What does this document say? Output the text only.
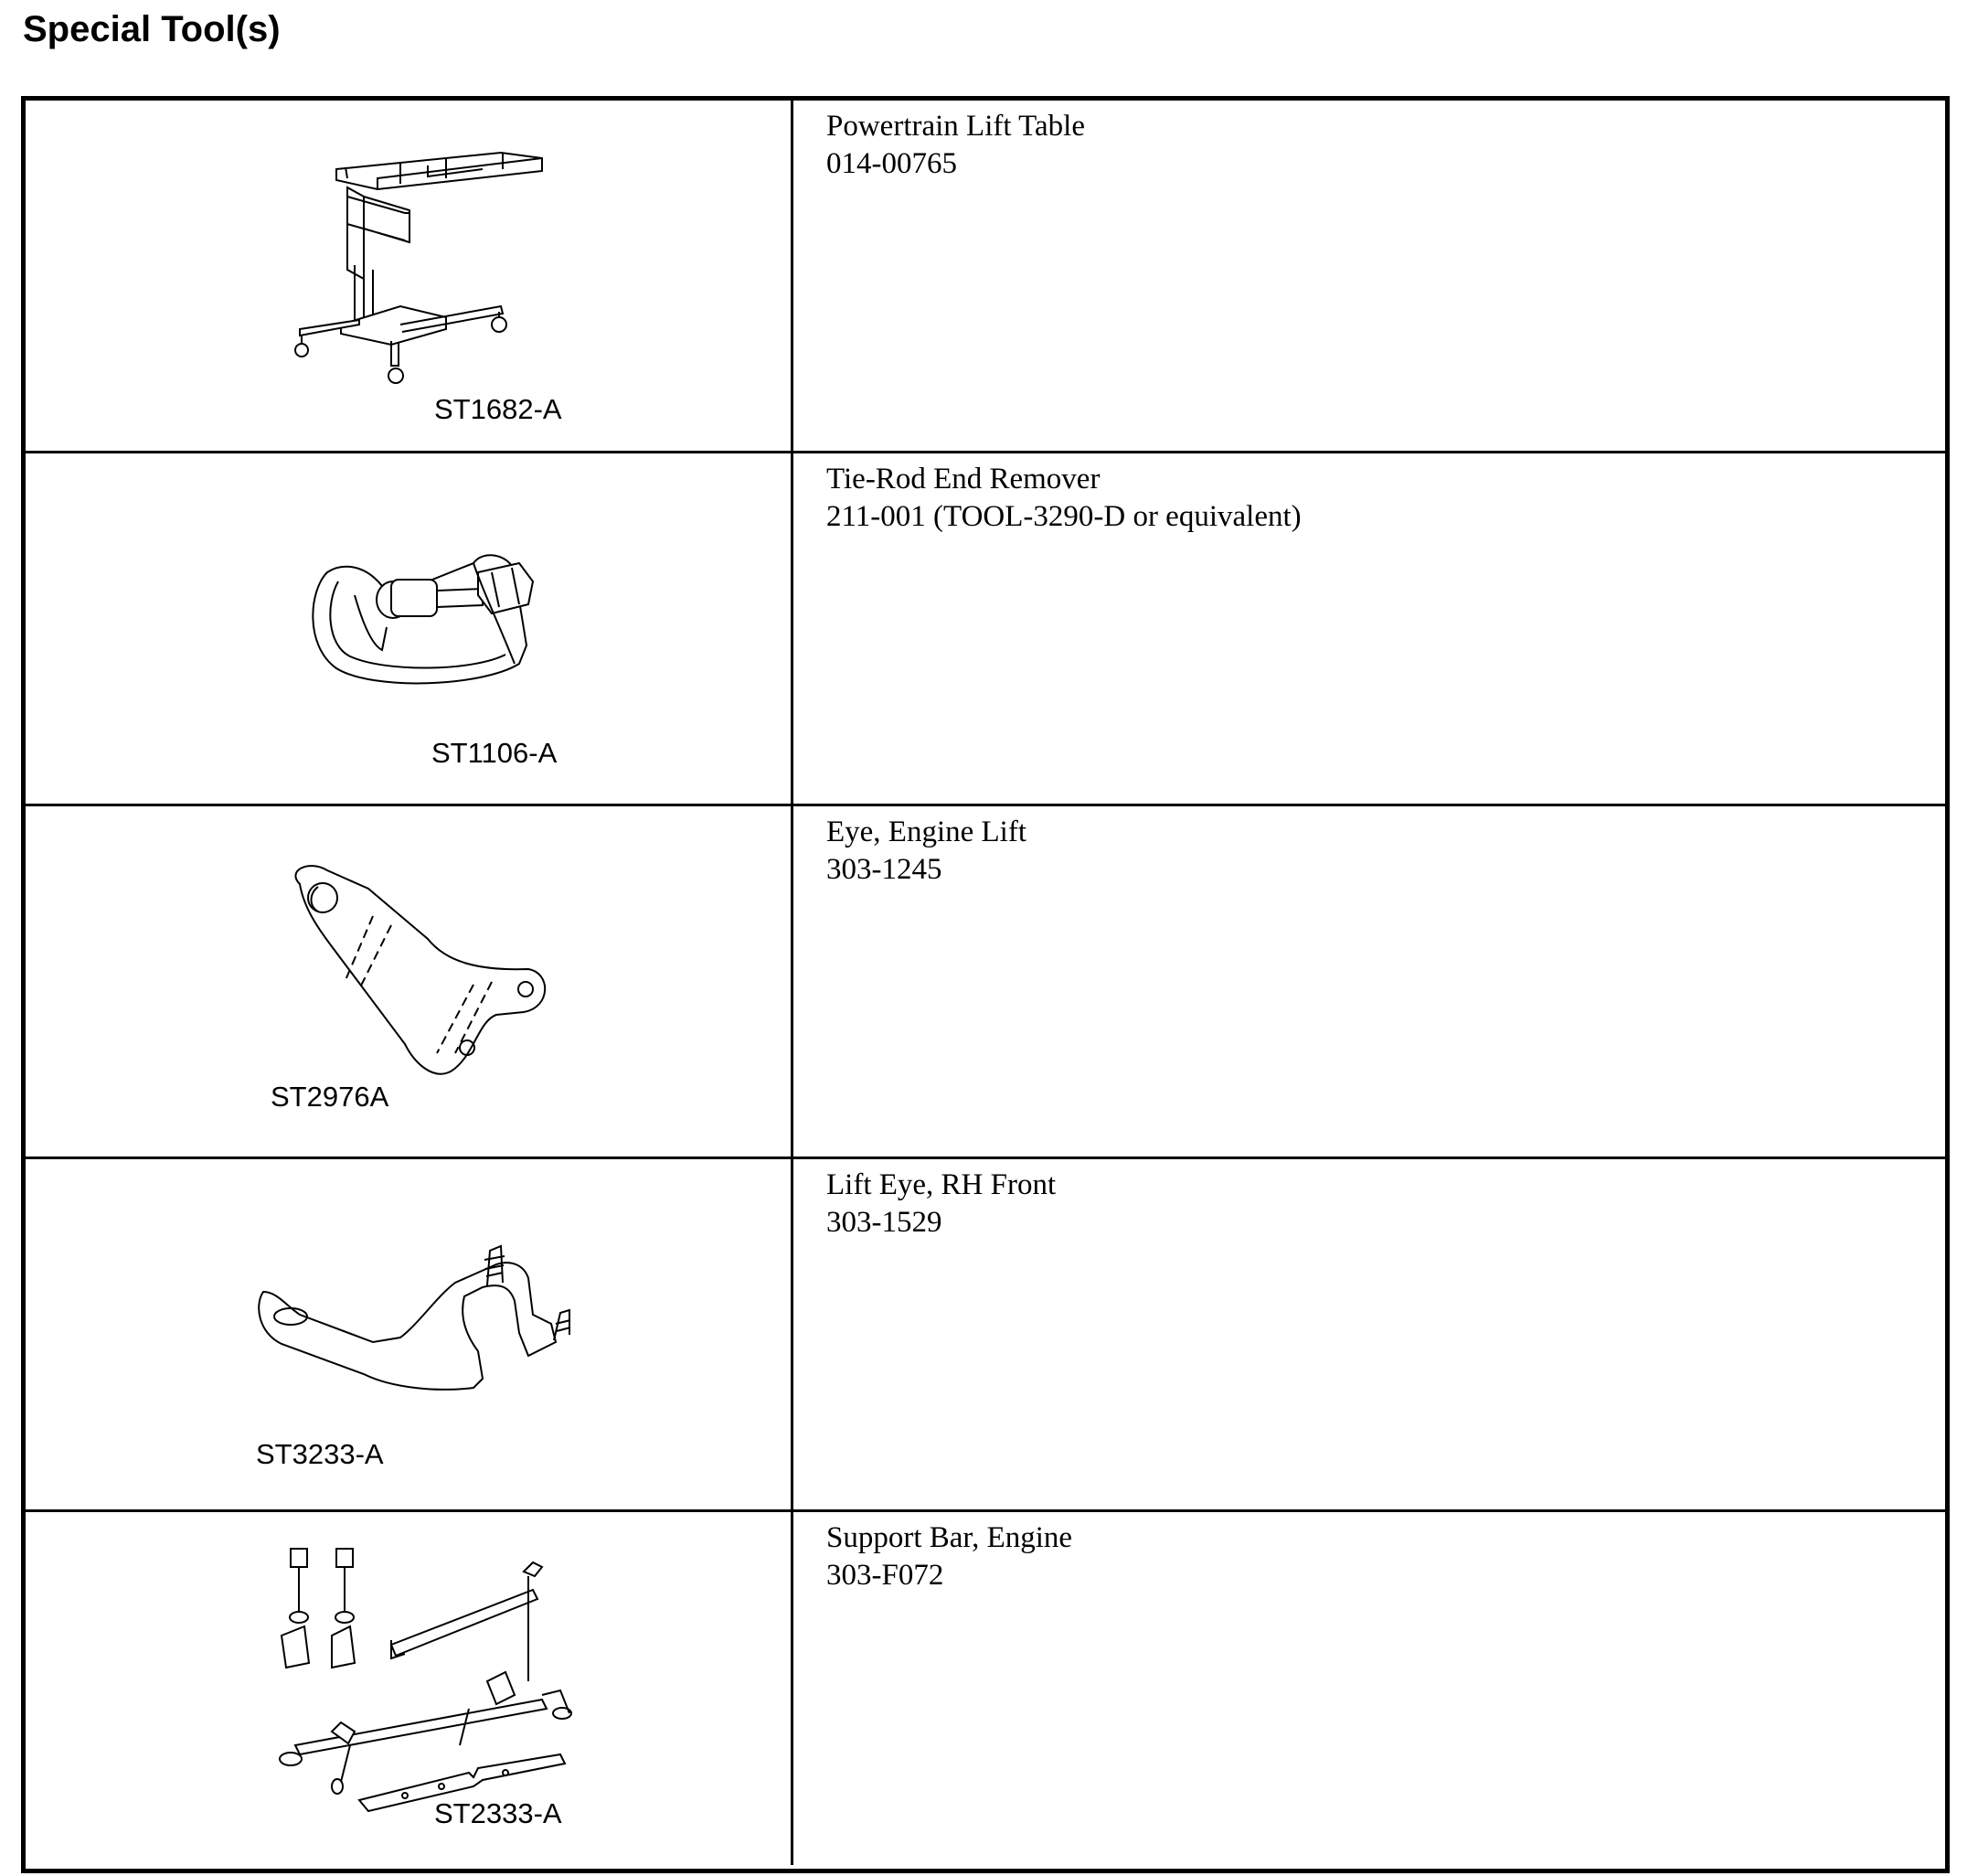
Special Tool(s)
ST1682-A
Powertrain Lift Table
014-00765
ST1106-A
Tie-Rod End Remover
211-001 (TOOL-3290-D or equivalent)
ST2976A
Eye, Engine Lift
303-1245
ST3233-A
Lift Eye, RH Front
303-1529
ST2333-A
Support Bar, Engine
303-F072
